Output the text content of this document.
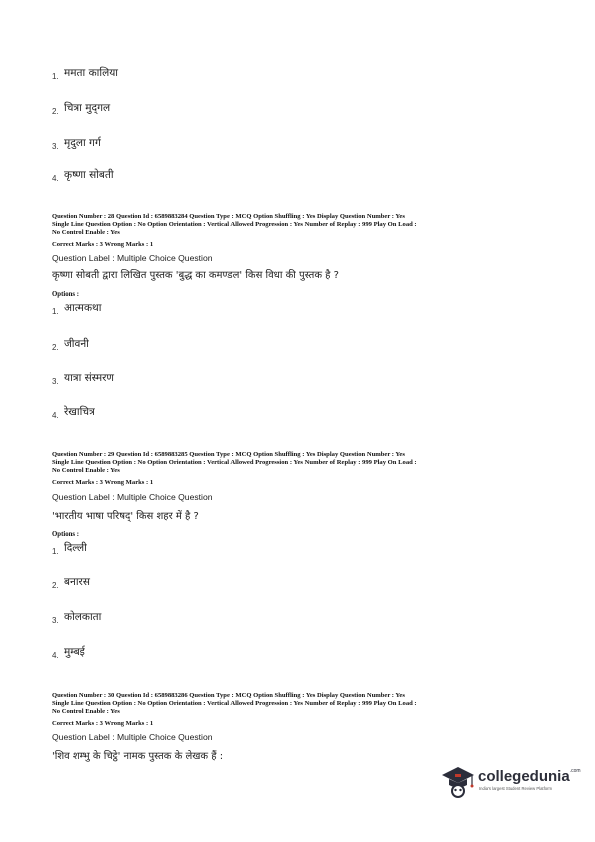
1. ममता कालिया
2. चित्रा मुद्‌गल
3. मृदुला गर्ग
4. कृष्णा सोबती
Question Number : 28 Question Id : 6589883284 Question Type : MCQ Option Shuffling : Yes Display Question Number : Yes
Single Line Question Option : No Option Orientation : Vertical Allowed Progression : Yes Number of Replay : 999 Play On Load :
No Control Enable : Yes
Correct Marks : 3 Wrong Marks : 1
Question Label : Multiple Choice Question
कृष्णा सोबती द्वारा लिखित पुस्तक 'बुद्ध का कमण्डल' किस विधा की पुस्तक है ?
Options :
1. आत्मकथा
2. जीवनी
3. यात्रा संस्मरण
4. रेखाचित्र
Question Number : 29 Question Id : 6589883285 Question Type : MCQ Option Shuffling : Yes Display Question Number : Yes
Single Line Question Option : No Option Orientation : Vertical Allowed Progression : Yes Number of Replay : 999 Play On Load :
No Control Enable : Yes
Correct Marks : 3 Wrong Marks : 1
Question Label : Multiple Choice Question
'भारतीय भाषा परिषद्' किस शहर में है ?
Options :
1. दिल्ली
2. बनारस
3. कोलकाता
4. मुम्बई
Question Number : 30 Question Id : 6589883286 Question Type : MCQ Option Shuffling : Yes Display Question Number : Yes
Single Line Question Option : No Option Orientation : Vertical Allowed Progression : Yes Number of Replay : 999 Play On Load :
No Control Enable : Yes
Correct Marks : 3 Wrong Marks : 1
Question Label : Multiple Choice Question
'शिव शम्भु के चिट्ठे' नामक पुस्तक के लेखक हैं :
collegedunia$^{.com}$
India's largest Student Review Platform
